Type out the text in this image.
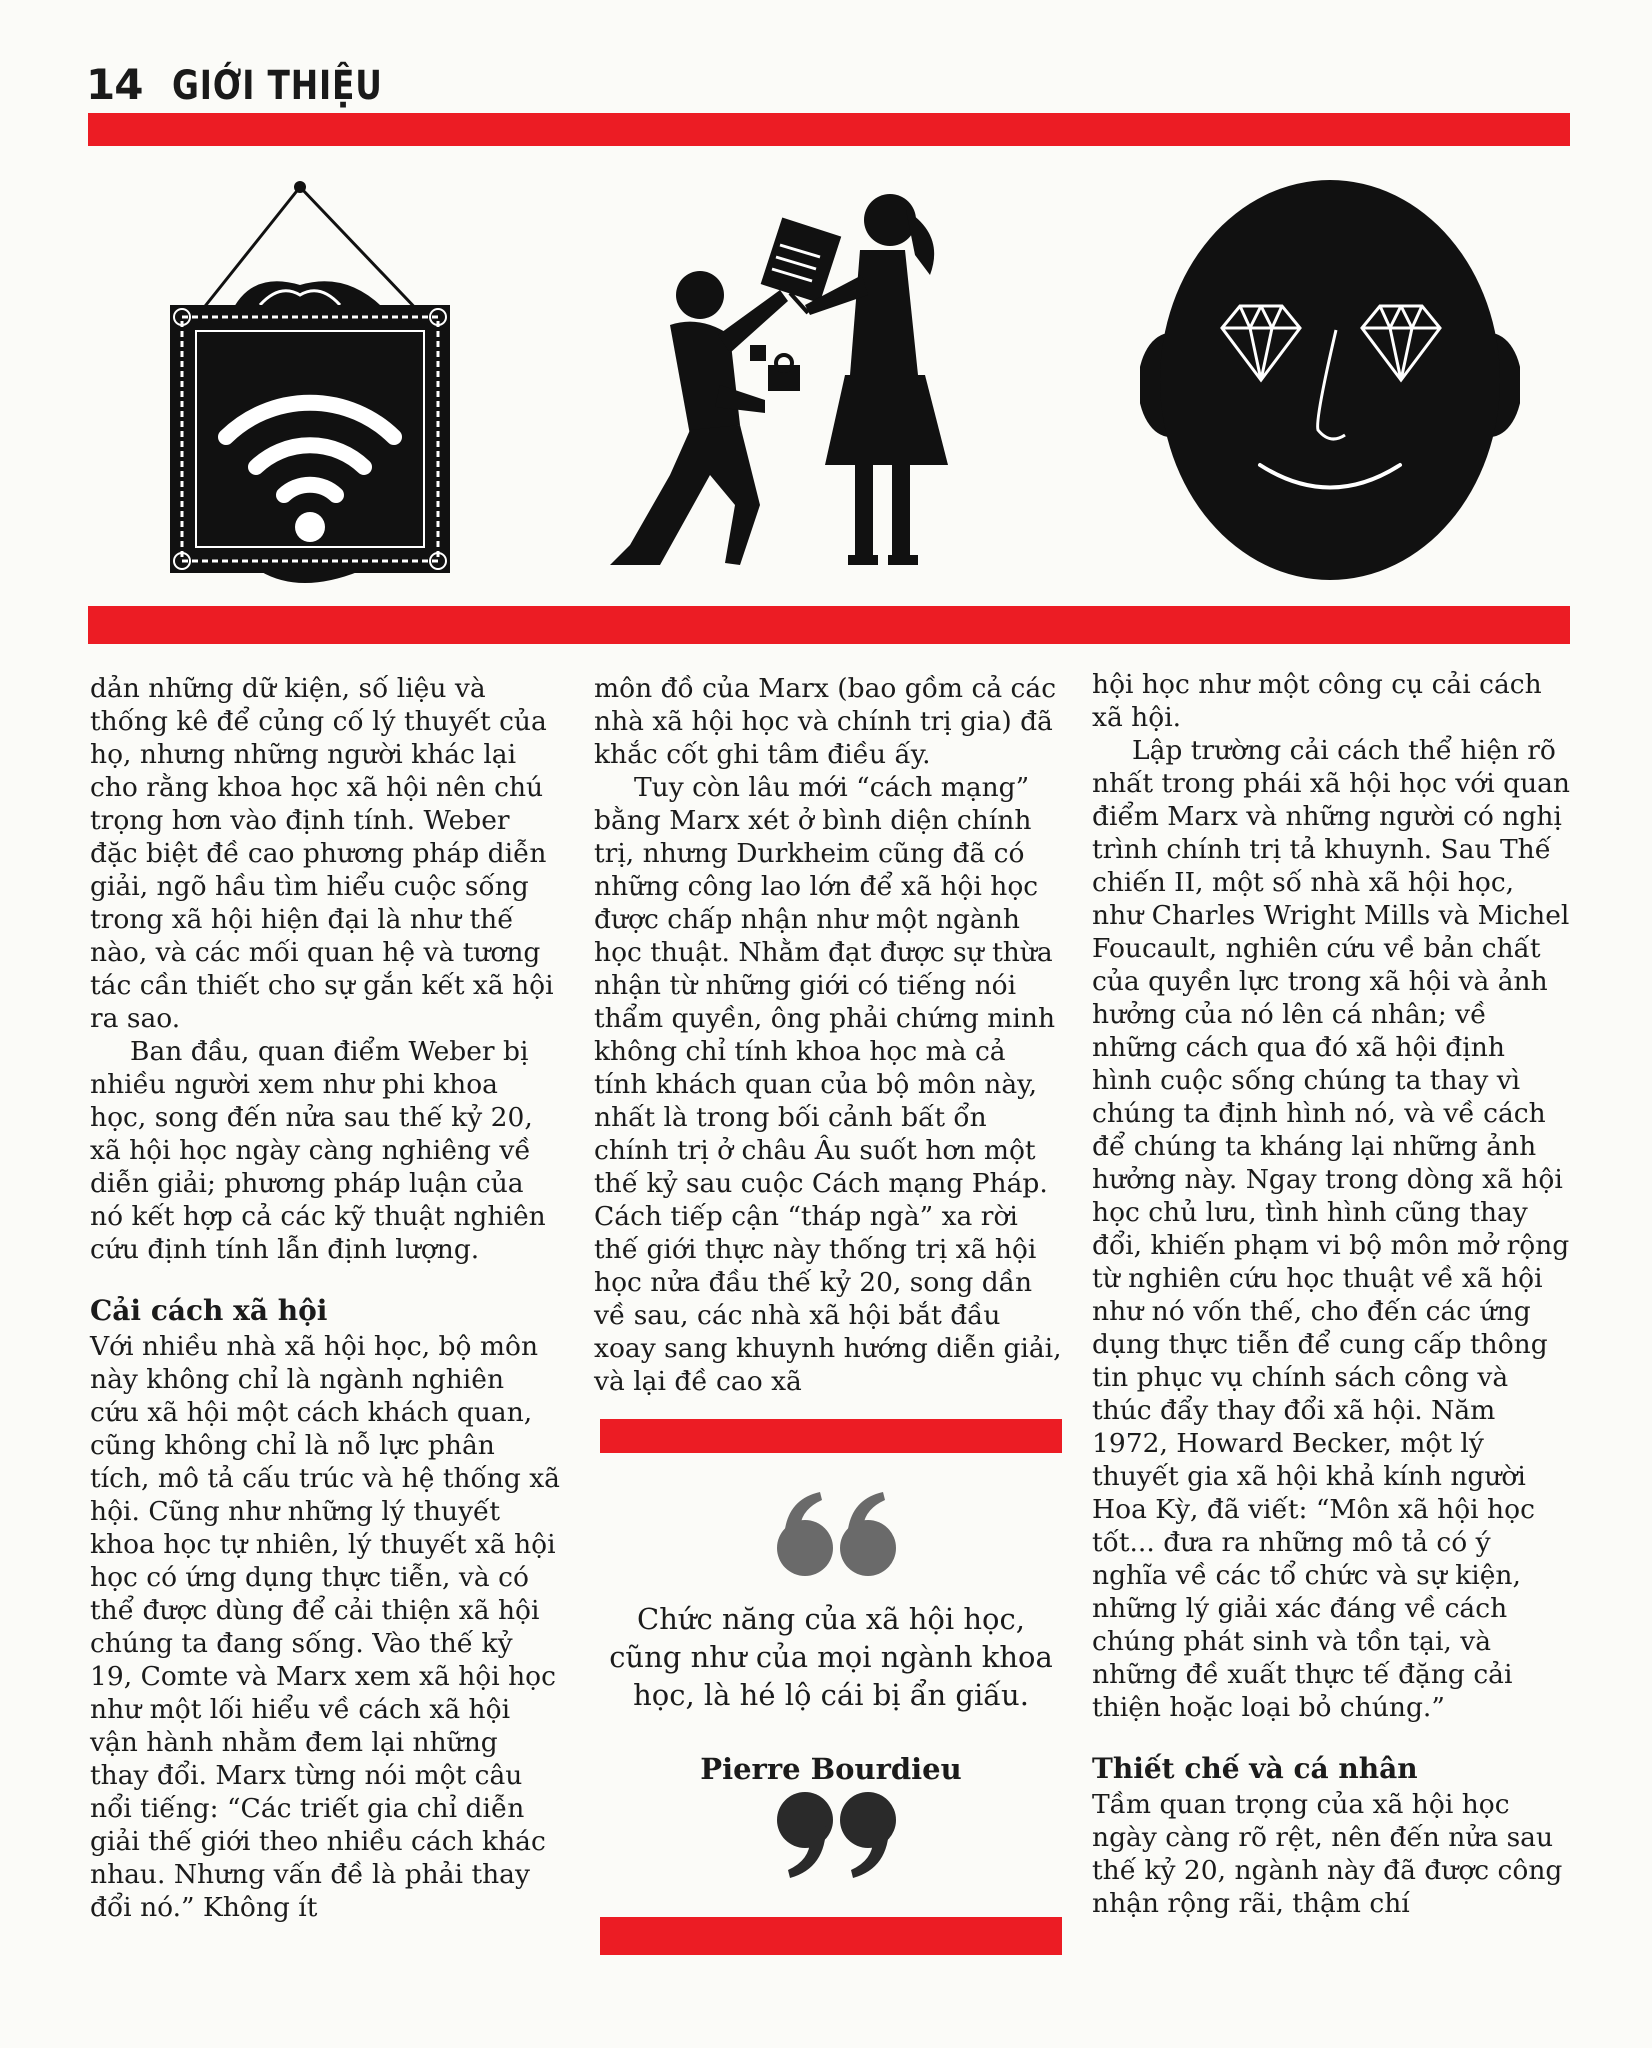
14 GIỚI THIỆU

dản những dữ kiện, số liệu và thống kê để củng cố lý thuyết của họ, nhưng những người khác lại cho rằng khoa học xã hội nên chú trọng hơn vào định tính. Weber đặc biệt đề cao phương pháp diễn giải, ngõ hầu tìm hiểu cuộc sống trong xã hội hiện đại là như thế nào, và các mối quan hệ và tương tác cần thiết cho sự gắn kết xã hội ra sao.

Ban đầu, quan điểm Weber bị nhiều người xem như phi khoa học, song đến nửa sau thế kỷ 20, xã hội học ngày càng nghiêng về diễn giải; phương pháp luận của nó kết hợp cả các kỹ thuật nghiên cứu định tính lẫn định lượng.

Cải cách xã hội

Với nhiều nhà xã hội học, bộ môn này không chỉ là ngành nghiên cứu xã hội một cách khách quan, cũng không chỉ là nỗ lực phân tích, mô tả cấu trúc và hệ thống xã hội. Cũng như những lý thuyết khoa học tự nhiên, lý thuyết xã hội học có ứng dụng thực tiễn, và có thể được dùng để cải thiện xã hội chúng ta đang sống. Vào thế kỷ 19, Comte và Marx xem xã hội học như một lối hiểu về cách xã hội vận hành nhằm đem lại những thay đổi. Marx từng nói một câu nổi tiếng: “Các triết gia chỉ diễn giải thế giới theo nhiều cách khác nhau. Nhưng vấn đề là phải thay đổi nó.” Không ít

môn đồ của Marx (bao gồm cả các nhà xã hội học và chính trị gia) đã khắc cốt ghi tâm điều ấy.

Tuy còn lâu mới “cách mạng” bằng Marx xét ở bình diện chính trị, nhưng Durkheim cũng đã có những công lao lớn để xã hội học được chấp nhận như một ngành học thuật. Nhằm đạt được sự thừa nhận từ những giới có tiếng nói thẩm quyền, ông phải chứng minh không chỉ tính khoa học mà cả tính khách quan của bộ môn này, nhất là trong bối cảnh bất ổn chính trị ở châu Âu suốt hơn một thế kỷ sau cuộc Cách mạng Pháp. Cách tiếp cận “tháp ngà” xa rời thế giới thực này thống trị xã hội học nửa đầu thế kỷ 20, song dần về sau, các nhà xã hội bắt đầu xoay sang khuynh hướng diễn giải, và lại đề cao xã

Chức năng của xã hội học, cũng như của mọi ngành khoa học, là hé lộ cái bị ẩn giấu.
Pierre Bourdieu

hội học như một công cụ cải cách xã hội.

Lập trường cải cách thể hiện rõ nhất trong phái xã hội học với quan điểm Marx và những người có nghị trình chính trị tả khuynh. Sau Thế chiến II, một số nhà xã hội học, như Charles Wright Mills và Michel Foucault, nghiên cứu về bản chất của quyền lực trong xã hội và ảnh hưởng của nó lên cá nhân; về những cách qua đó xã hội định hình cuộc sống chúng ta thay vì chúng ta định hình nó, và về cách để chúng ta kháng lại những ảnh hưởng này. Ngay trong dòng xã hội học chủ lưu, tình hình cũng thay đổi, khiến phạm vi bộ môn mở rộng từ nghiên cứu học thuật về xã hội như nó vốn thế, cho đến các ứng dụng thực tiễn để cung cấp thông tin phục vụ chính sách công và thúc đẩy thay đổi xã hội. Năm 1972, Howard Becker, một lý thuyết gia xã hội khả kính người Hoa Kỳ, đã viết: “Môn xã hội học tốt... đưa ra những mô tả có ý nghĩa về các tổ chức và sự kiện, những lý giải xác đáng về cách chúng phát sinh và tồn tại, và những đề xuất thực tế đặng cải thiện hoặc loại bỏ chúng.”

Thiết chế và cá nhân

Tầm quan trọng của xã hội học ngày càng rõ rệt, nên đến nửa sau thế kỷ 20, ngành này đã được công nhận rộng rãi, thậm chí
